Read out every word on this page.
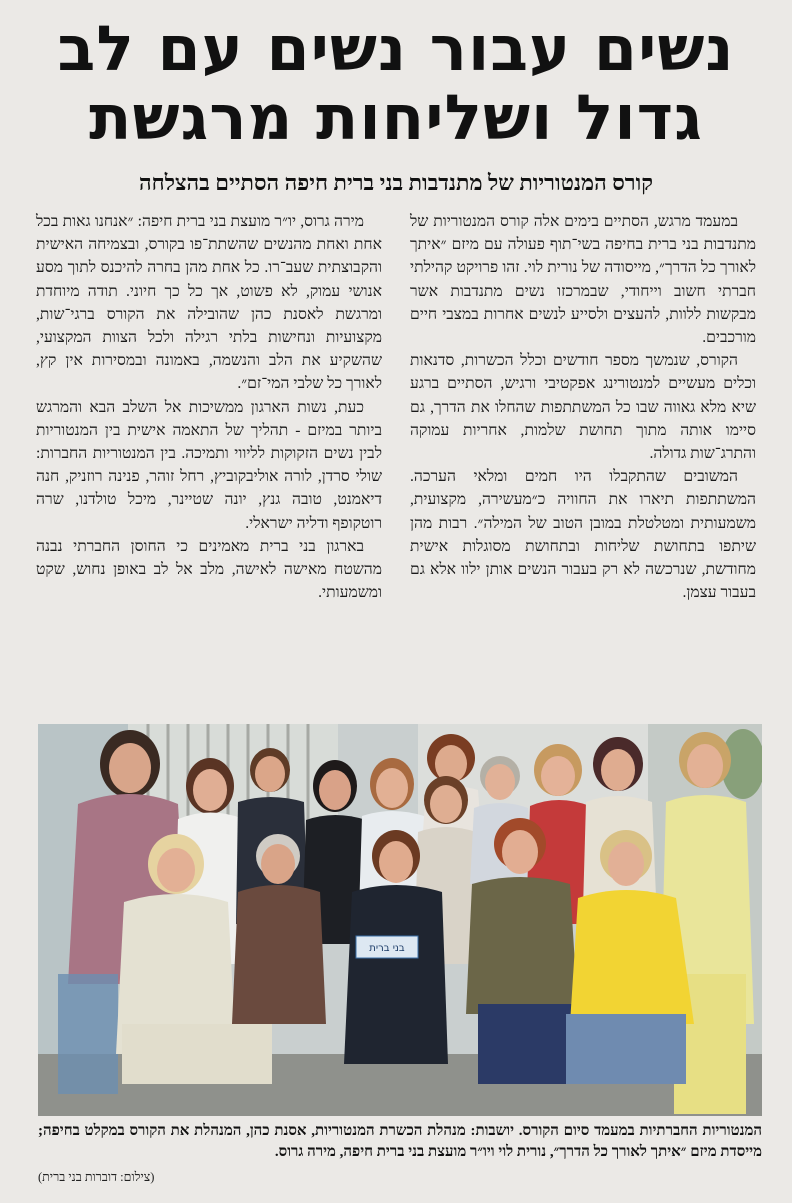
נשים עבור נשים עם לב
גדול ושליחות מרגשת
קורס המנטוריות של מתנדבות בני ברית חיפה הסתיים בהצלחה

במעמד מרגש, הסתיים בימים אלה קורס המנטוריות של מתנדבות בני ברית בחיפה בשי־תוף פעולה עם מיזם ״איתך לאורך כל הדרך״, מייסודה של נורית לוי. זהו פרויקט קהילתי חברתי חשוב וייחודי, שבמרכזו נשים מתנדבות אשר מבקשות ללוות, להעצים ולסייע לנשים אחרות במצבי חיים מורכבים.

הקורס, שנמשך מספר חודשים וכלל הכשרות, סדנאות וכלים מעשיים למנטורינג אפקטיבי ורגיש, הסתיים ברגע שיא מלא גאווה שבו כל המשתתפות שהחלו את הדרך, גם סיימו אותה מתוך תחושת שלמות, אחריות עמוקה והתרג־שות גדולה.

המשובים שהתקבלו היו חמים ומלאי הערכה. המשתתפות תיארו את החוויה כ״מעשירה, מקצועית, משמעותית ומטלטלת במובן הטוב של המילה״. רבות מהן שיתפו בתחושת שליחות ובתחושת מסוגלות אישית מחודשת, שנרכשה לא רק בעבור הנשים אותן ילוו אלא גם בעבור עצמן.

מירה גרוס, יו״ר מועצת בני ברית חיפה: ״אנחנו גאות בכל אחת ואחת מהנשים שהשתת־פו בקורס, ובצמיחה האישית והקבוצתית שעב־רו. כל אחת מהן בחרה להיכנס לתוך מסע אנושי עמוק, לא פשוט, אך כל כך חיוני. תודה מיוחדת ומרגשת לאסנת כהן שהובילה את הקורס ברגי־שות, מקצועיות ונחישות בלתי רגילה ולכל הצוות המקצועי, שהשקיע את הלב והנשמה, באמונה ובמסירות אין קץ, לאורך כל שלבי המי־זם״.

כעת, נשות הארגון ממשיכות אל השלב הבא והמרגש ביותר במיזם - תהליך של התאמה אישית בין המנטוריות לבין נשים הזקוקות לליווי ותמיכה. בין המנטוריות החברות: שולי סרדן, לורה אוליבקוביץ, רחל זוהר, פנינה רוזניק, חנה דיאמנט, טובה גנץ, יונה שטיינר, מיכל טולדנו, שרה רוטקופף ודליה ישראלי.

בארגון בני ברית מאמינים כי החוסן החברתי נבנה מהשטח מאישה לאישה, מלב אל לב באופן נחוש, שקט ומשמעותי.

בני ברית
המנטוריות החברתיות במעמד סיום הקורס. יושבות: מנהלת הכשרת המנטוריות, אסנת כהן, המנהלת את הקורס במקלט בחיפה; מייסדת מיזם ״איתך לאורך כל הדרך״, נורית לוי ויו״ר מועצת בני ברית חיפה, מירה גרוס.
(צילום: דוברות בני ברית)
